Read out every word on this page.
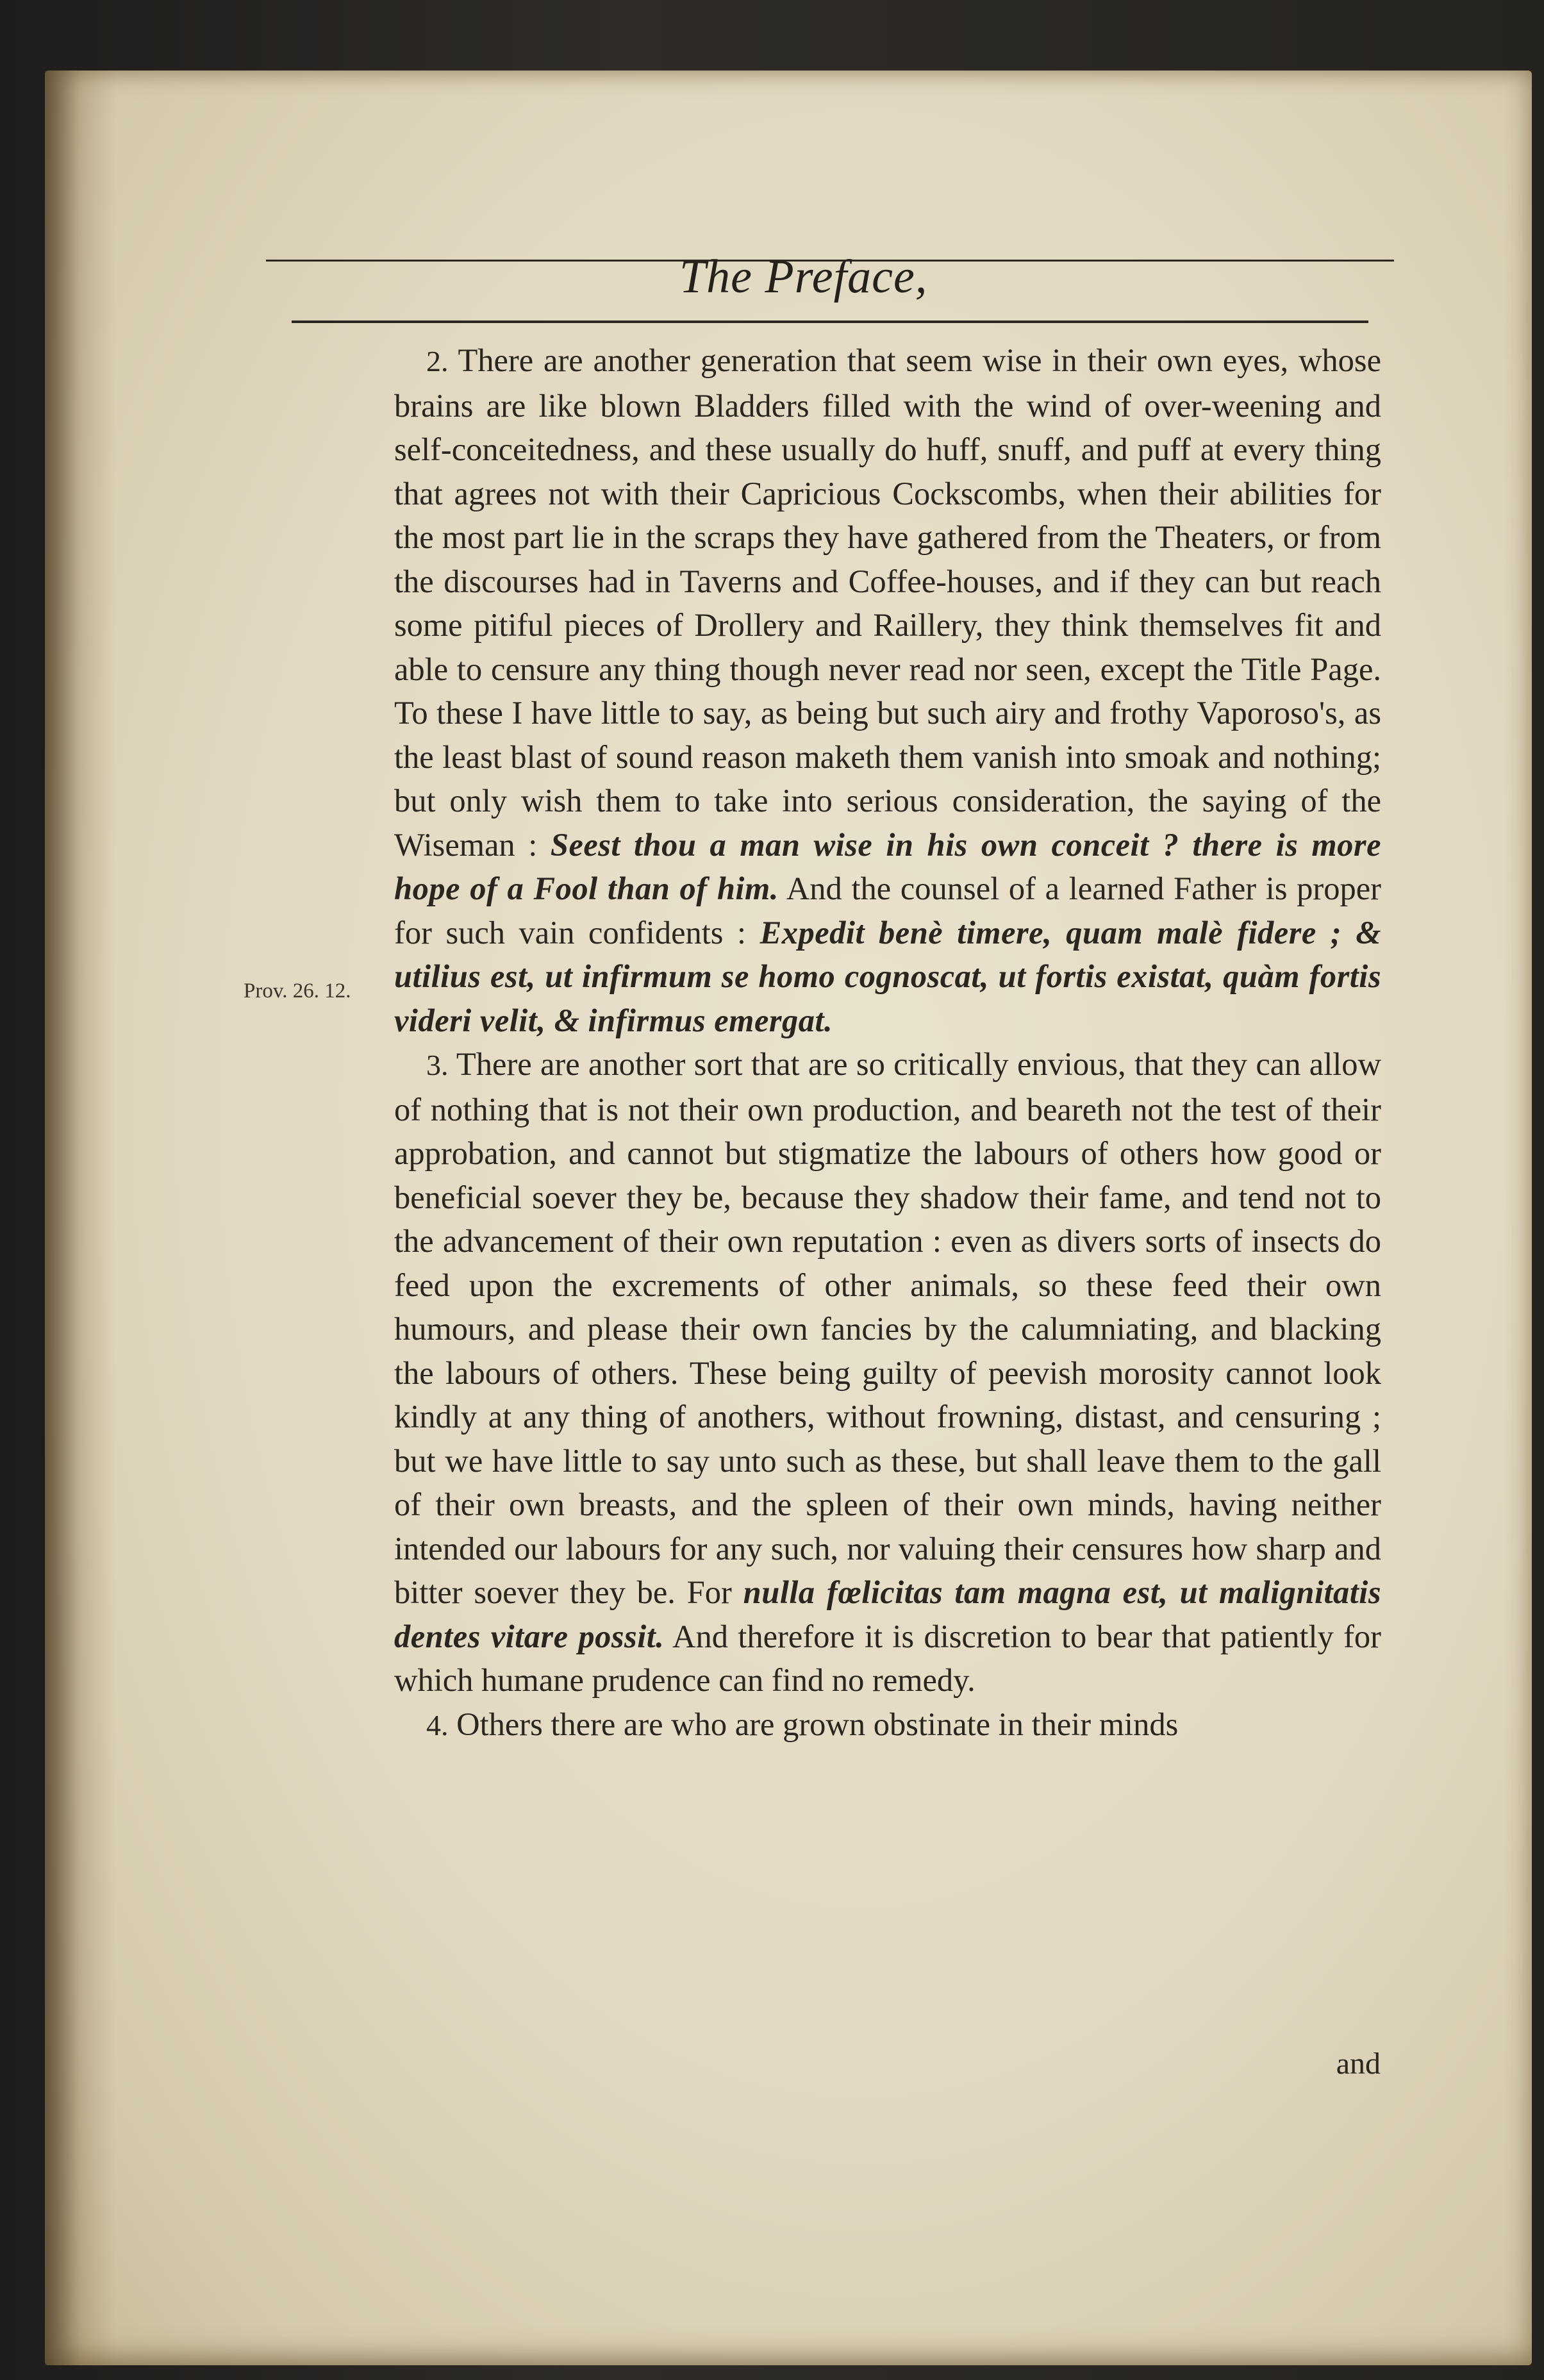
The Preface,
Prov. 26. 12.

2. There are another generation that seem wise in their own eyes, whose brains are like blown Bladders filled with the wind of over-weening and self-conceitedness, and these usually do huff, snuff, and puff at every thing that agrees not with their Capricious Cockscombs, when their abilities for the most part lie in the scraps they have gathered from the Theaters, or from the discourses had in Taverns and Coffee-houses, and if they can but reach some pitiful pieces of Drollery and Raillery, they think themselves fit and able to censure any thing though never read nor seen, except the Title Page. To these I have little to say, as being but such airy and frothy Vaporoso's, as the least blast of sound reason maketh them vanish into smoak and nothing; but only wish them to take into serious consideration, the saying of the Wiseman : Seest thou a man wise in his own conceit ? there is more hope of a Fool than of him. And the counsel of a learned Father is proper for such vain confidents : Expedit benè timere, quam malè fidere ; & utilius est, ut infirmum se homo cognoscat, ut fortis existat, quàm fortis videri velit, & infirmus emergat.

3. There are another sort that are so critically envious, that they can allow of nothing that is not their own production, and beareth not the test of their approbation, and cannot but stigmatize the labours of others how good or beneficial soever they be, because they shadow their fame, and tend not to the advancement of their own reputation : even as divers sorts of insects do feed upon the excrements of other animals, so these feed their own humours, and please their own fancies by the calumniating, and blacking the labours of others. These being guilty of peevish morosity cannot look kindly at any thing of anothers, without frowning, distast, and censuring ; but we have little to say unto such as these, but shall leave them to the gall of their own breasts, and the spleen of their own minds, having neither intended our labours for any such, nor valuing their censures how sharp and bitter soever they be. For nulla fœlicitas tam magna est, ut malignitatis dentes vitare possit. And therefore it is discretion to bear that patiently for which humane prudence can find no remedy.

4. Others there are who are grown obstinate in their minds

and
